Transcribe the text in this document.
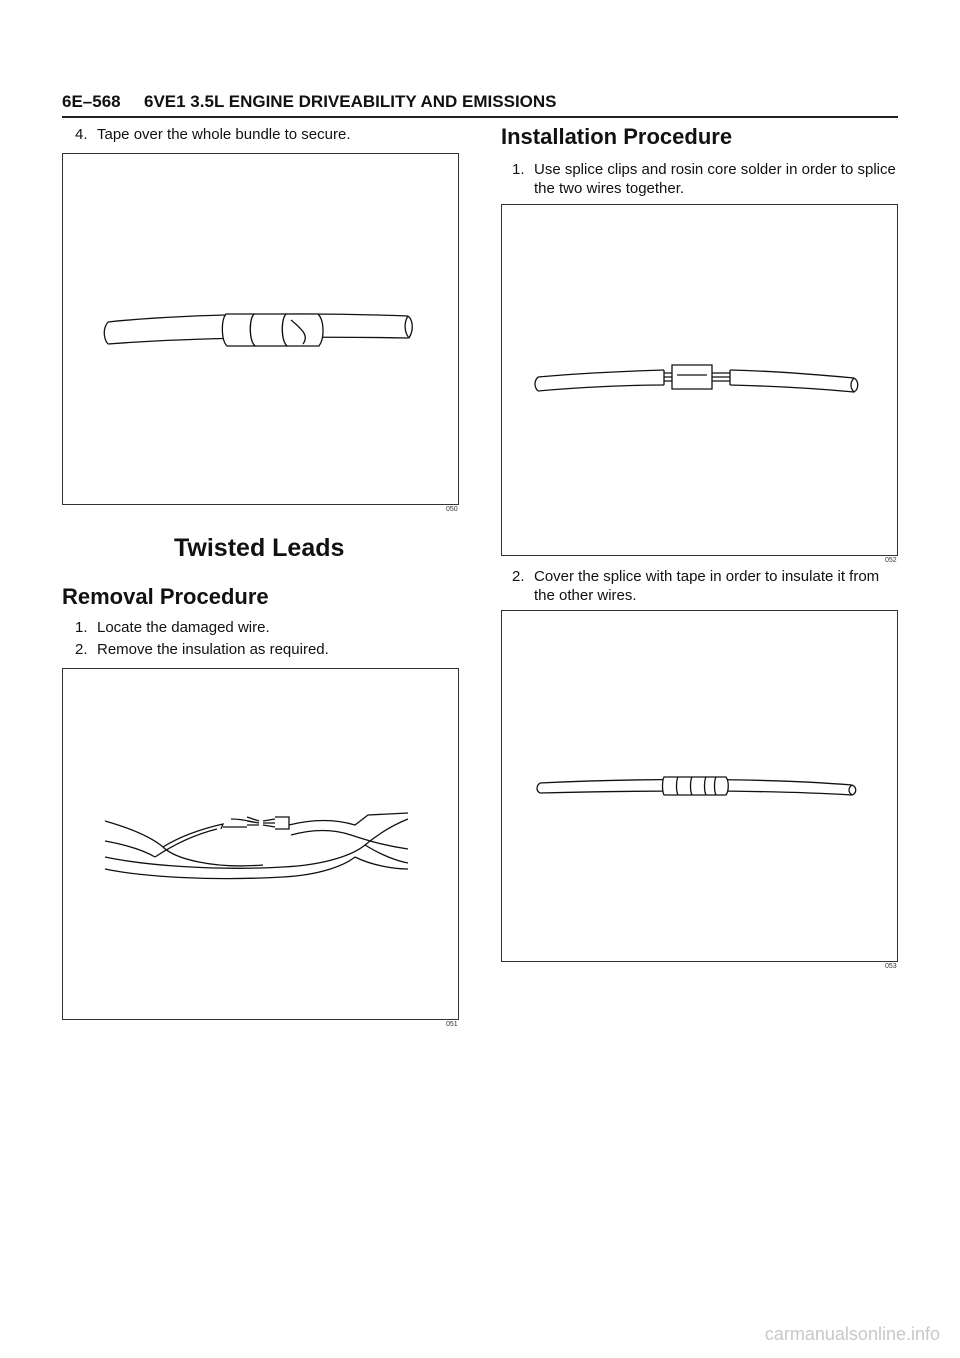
6E–568 6VE1 3.5L ENGINE DRIVEABILITY AND EMISSIONS
4. Tape over the whole bundle to secure.
050
Twisted Leads
Removal Procedure
1. Locate the damaged wire.
2. Remove the insulation as required.
051
Installation Procedure
1. Use splice clips and rosin core solder in order to splice
the two wires together.
052
2. Cover the splice with tape in order to insulate it from
the other wires.
053
carmanualsonline.info
